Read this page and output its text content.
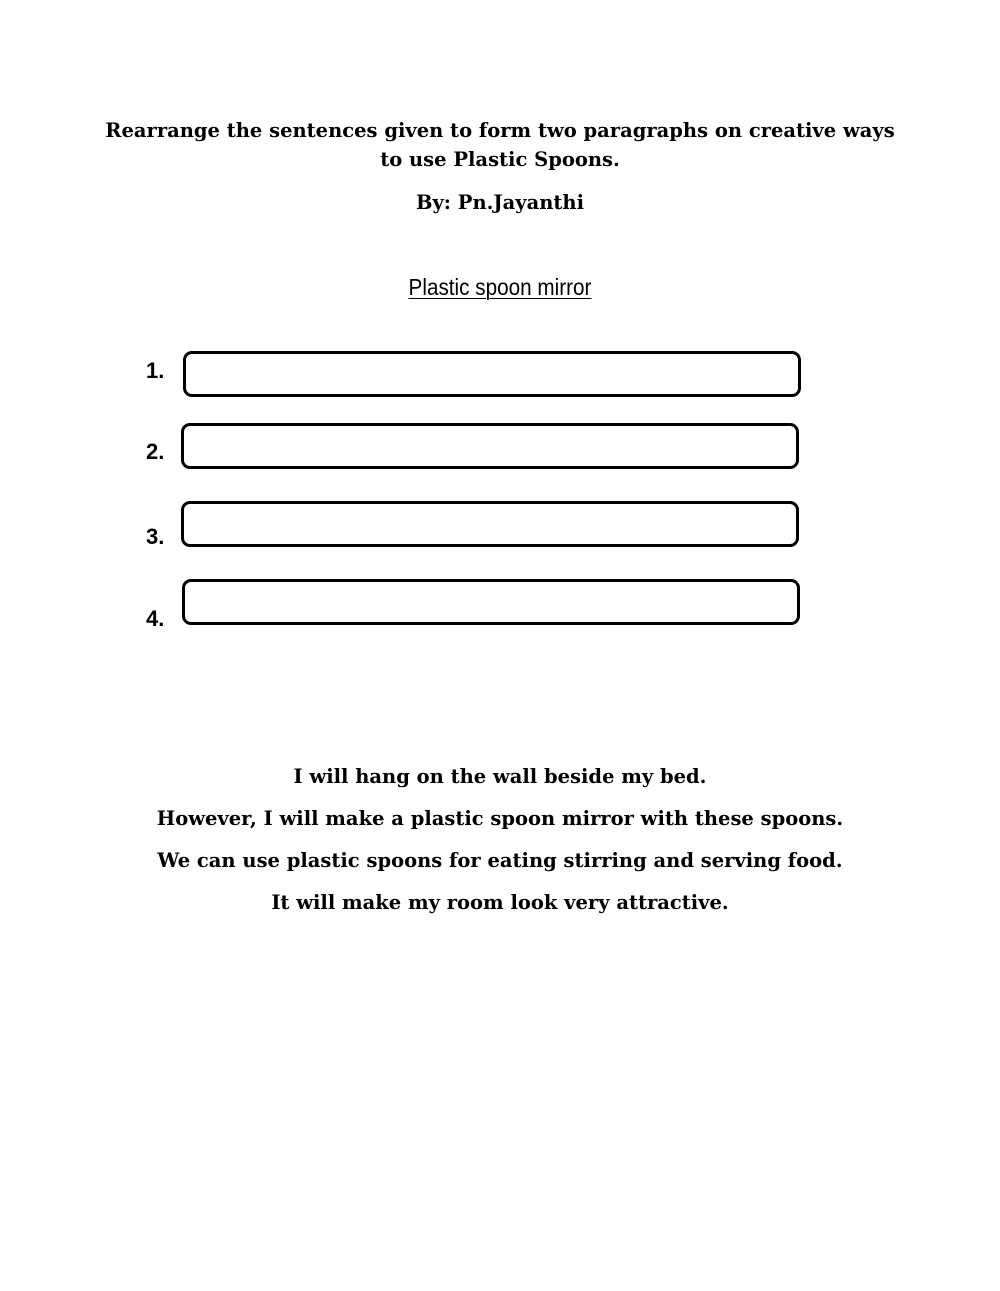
Rearrange the sentences given to form two paragraphs on creative ways
to use Plastic Spoons.
By: Pn.Jayanthi
Plastic spoon mirror
1.
2.
3.
4.
I will hang on the wall beside my bed.
However, I will make a plastic spoon mirror with these spoons.
We can use plastic spoons for eating stirring and serving food.
It will make my room look very attractive.
